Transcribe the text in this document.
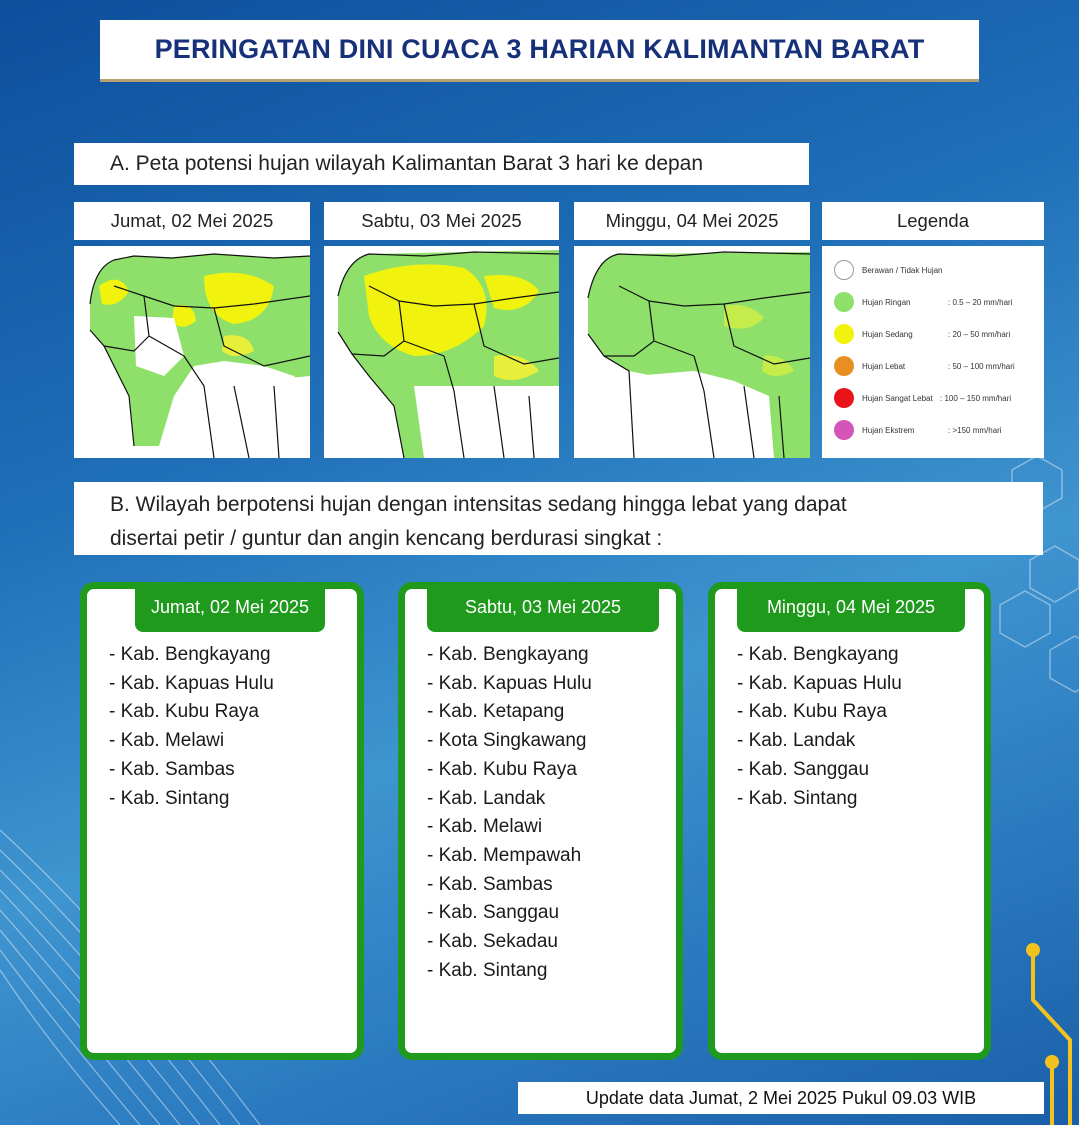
PERINGATAN DINI CUACA 3 HARIAN KALIMANTAN BARAT
A. Peta potensi hujan wilayah Kalimantan Barat 3 hari ke depan
Jumat, 02 Mei 2025	Sabtu, 03 Mei 2025	Minggu, 04 Mei 2025	Legenda
Berawan / Tidak Hujan
Hujan Ringan	: 0.5 – 20 mm/hari
Hujan Sedang	: 20 – 50 mm/hari
Hujan Lebat	: 50 – 100 mm/hari
Hujan Sangat Lebat : 100 – 150 mm/hari
Hujan Ekstrem	: >150 mm/hari
B. Wilayah berpotensi hujan dengan intensitas sedang hingga lebat yang dapat
disertai petir / guntur dan angin kencang berdurasi singkat :
Jumat, 02 Mei 2025
- Kab. Bengkayang
- Kab. Kapuas Hulu
- Kab. Kubu Raya
- Kab. Melawi
- Kab. Sambas
- Kab. Sintang
Sabtu, 03 Mei 2025
- Kab. Bengkayang
- Kab. Kapuas Hulu
- Kab. Ketapang
- Kota Singkawang
- Kab. Kubu Raya
- Kab. Landak
- Kab. Melawi
- Kab. Mempawah
- Kab. Sambas
- Kab. Sanggau
- Kab. Sekadau
- Kab. Sintang
Minggu, 04 Mei 2025
- Kab. Bengkayang
- Kab. Kapuas Hulu
- Kab. Kubu Raya
- Kab. Landak
- Kab. Sanggau
- Kab. Sintang
Update data Jumat, 2 Mei 2025 Pukul 09.03 WIB
